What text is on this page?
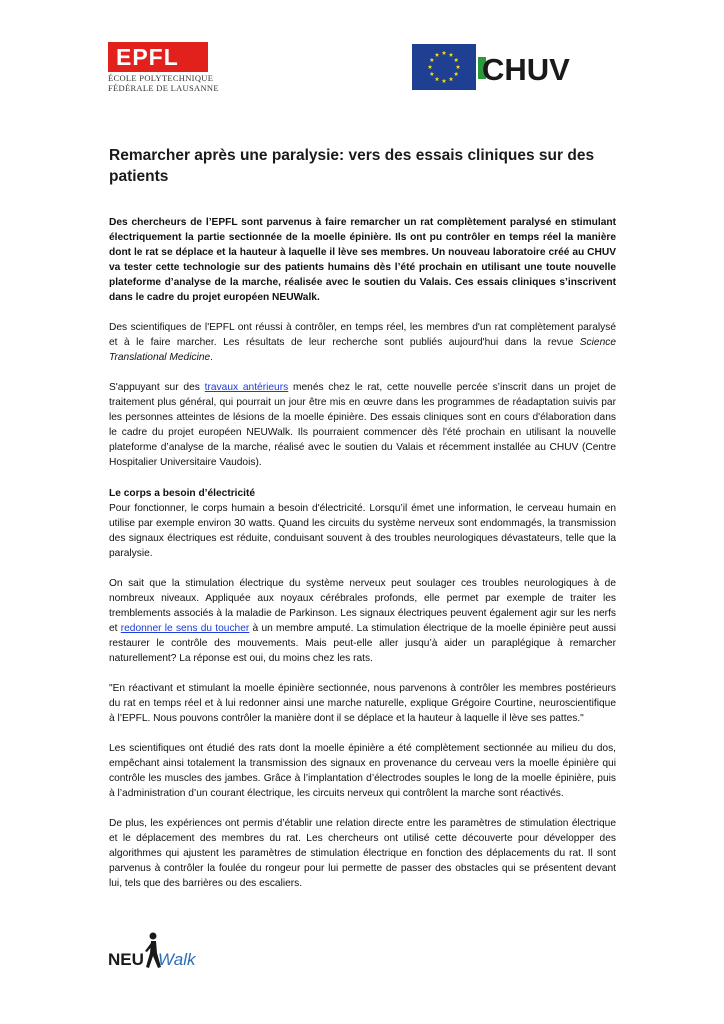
EPFL
ÉCOLE POLYTECHNIQUE
FÉDÉRALE DE LAUSANNE
CHUV
Remarcher après une paralysie: vers des essais cliniques sur des patients

Des chercheurs de l’EPFL sont parvenus à faire remarcher un rat complètement paralysé en stimulant électriquement la partie sectionnée de la moelle épinière. Ils ont pu contrôler en temps réel la manière dont le rat se déplace et la hauteur à laquelle il lève ses membres. Un nouveau laboratoire créé au CHUV va tester cette technologie sur des patients humains dès l’été prochain en utilisant une toute nouvelle plateforme d’analyse de la marche, réalisée avec le soutien du Valais. Ces essais cliniques s’inscrivent dans le cadre du projet européen NEUWalk.

Des scientifiques de l'EPFL ont réussi à contrôler, en temps réel, les membres d'un rat complètement paralysé et à le faire marcher. Les résultats de leur recherche sont publiés aujourd'hui dans la revue Science Translational Medicine.

S'appuyant sur des travaux antérieurs menés chez le rat, cette nouvelle percée s’inscrit dans un projet de traitement plus général, qui pourrait un jour être mis en œuvre dans les programmes de réadaptation suivis par les personnes atteintes de lésions de la moelle épinière. Des essais cliniques sont en cours d'élaboration dans le cadre du projet européen NEUWalk. Ils pourraient commencer dès l'été prochain en utilisant la nouvelle plateforme d’analyse de la marche, réalisé avec le soutien du Valais et récemment installée au CHUV (Centre Hospitalier Universitaire Vaudois).

Le corps a besoin d’électricité

Pour fonctionner, le corps humain a besoin d'électricité. Lorsqu’il émet une information, le cerveau humain en utilise par exemple environ 30 watts. Quand les circuits du système nerveux sont endommagés, la transmission des signaux électriques est réduite, conduisant souvent à des troubles neurologiques dévastateurs, telle que la paralysie.

On sait que la stimulation électrique du système nerveux peut soulager ces troubles neurologiques à de nombreux niveaux. Appliquée aux noyaux cérébrales profonds, elle permet par exemple de traiter les tremblements associés à la maladie de Parkinson. Les signaux électriques peuvent également agir sur les nerfs et redonner le sens du toucher à un membre amputé. La stimulation électrique de la moelle épinière peut aussi restaurer le contrôle des mouvements. Mais peut-elle aller jusqu’à aider un paraplégique à remarcher naturellement? La réponse est oui, du moins chez les rats.

"En réactivant et stimulant la moelle épinière sectionnée, nous parvenons à contrôler les membres postérieurs du rat en temps réel et à lui redonner ainsi une marche naturelle, explique Grégoire Courtine, neuroscientifique à l’EPFL. Nous pouvons contrôler la manière dont il se déplace et la hauteur à laquelle il lève ses pattes."

Les scientifiques ont étudié des rats dont la moelle épinière a été complètement sectionnée au milieu du dos, empêchant ainsi totalement la transmission des signaux en provenance du cerveau vers la moelle épinière qui contrôle les muscles des jambes. Grâce à l’implantation d’électrodes souples le long de la moelle épinière, puis à l’administration d’un courant électrique, les circuits nerveux qui contrôlent la marche sont réactivés.

De plus, les expériences ont permis d’établir une relation directe entre les paramètres de stimulation électrique et le déplacement des membres du rat. Les chercheurs ont utilisé cette découverte pour développer des algorithmes qui ajustent les paramètres de stimulation électrique en fonction des déplacements du rat. Il sont parvenus à contrôler la foulée du rongeur pour lui permette de passer des obstacles qui se présentent devant lui, tels que des barrières ou des escaliers.

NEU Walk
